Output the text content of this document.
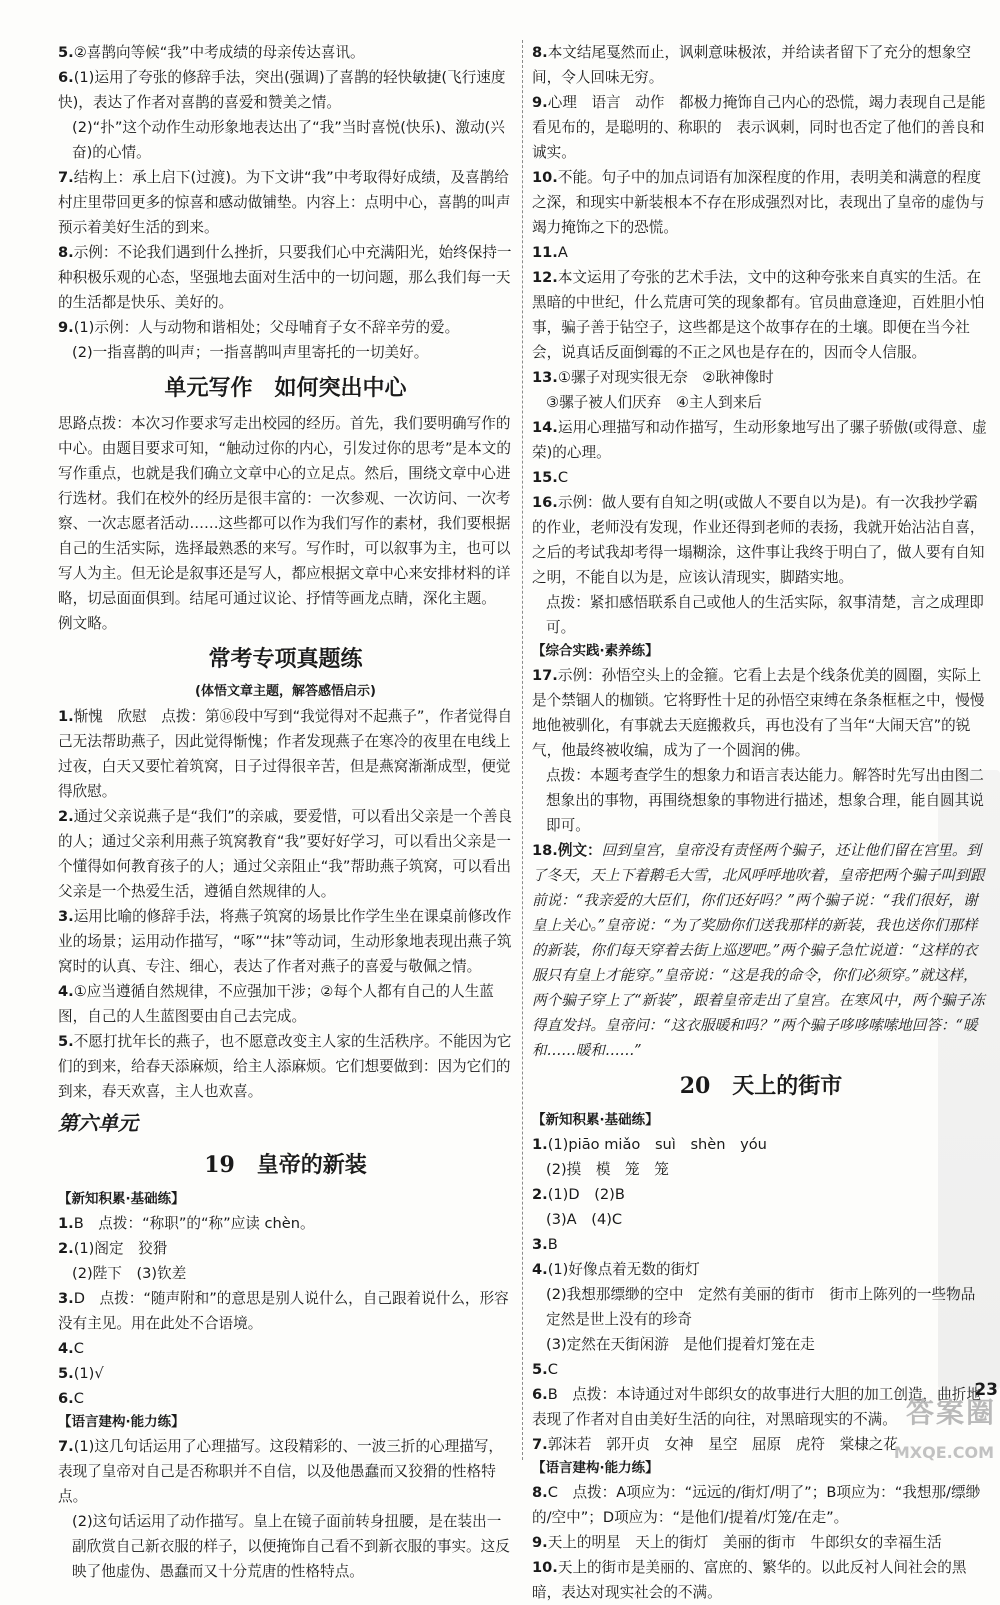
5.②喜鹊向等候“我”中考成绩的母亲传达喜讯。

6.(1)运用了夸张的修辞手法，突出(强调)了喜鹊的轻快敏捷(飞行速度快)，表达了作者对喜鹊的喜爱和赞美之情。

(2)“扑”这个动作生动形象地表达出了“我”当时喜悦(快乐)、激动(兴奋)的心情。

7.结构上：承上启下(过渡)。为下文讲“我”中考取得好成绩，及喜鹊给村庄里带回更多的惊喜和感动做铺垫。内容上：点明中心，喜鹊的叫声预示着美好生活的到来。

8.示例：不论我们遇到什么挫折，只要我们心中充满阳光，始终保持一种积极乐观的心态，坚强地去面对生活中的一切问题，那么我们每一天的生活都是快乐、美好的。

9.(1)示例：人与动物和谐相处；父母哺育子女不辞辛劳的爱。

(2)一指喜鹊的叫声；一指喜鹊叫声里寄托的一切美好。

单元写作　如何突出中心

思路点拨：本次习作要求写走出校园的经历。首先，我们要明确写作的中心。由题目要求可知，“触动过你的内心，引发过你的思考”是本文的写作重点，也就是我们确立文章中心的立足点。然后，围绕文章中心进行选材。我们在校外的经历是很丰富的：一次参观、一次访问、一次考察、一次志愿者活动……这些都可以作为我们写作的素材，我们要根据自己的生活实际，选择最熟悉的来写。写作时，可以叙事为主，也可以写人为主。但无论是叙事还是写人，都应根据文章中心来安排材料的详略，切忌面面俱到。结尾可通过议论、抒情等画龙点睛，深化主题。　例文略。

常考专项真题练

(体悟文章主题，解答感悟启示)

1.惭愧　欣慰　点拨：第⑯段中写到“我觉得对不起燕子”，作者觉得自己无法帮助燕子，因此觉得惭愧；作者发现燕子在寒冷的夜里在电线上过夜，白天又要忙着筑窝，日子过得很辛苦，但是燕窝渐渐成型，便觉得欣慰。

2.通过父亲说燕子是“我们”的亲戚，要爱惜，可以看出父亲是一个善良的人；通过父亲利用燕子筑窝教育“我”要好好学习，可以看出父亲是一个懂得如何教育孩子的人；通过父亲阻止“我”帮助燕子筑窝，可以看出父亲是一个热爱生活，遵循自然规律的人。

3.运用比喻的修辞手法，将燕子筑窝的场景比作学生坐在课桌前修改作业的场景；运用动作描写，“啄”“抹”等动词，生动形象地表现出燕子筑窝时的认真、专注、细心，表达了作者对燕子的喜爱与敬佩之情。

4.①应当遵循自然规律，不应强加干涉；②每个人都有自己的人生蓝图，自己的人生蓝图要由自己去完成。

5.不愿打扰年长的燕子，也不愿意改变主人家的生活秩序。不能因为它们的到来，给春天添麻烦，给主人添麻烦。它们想要做到：因为它们的到来，春天欢喜，主人也欢喜。

第六单元

19　皇帝的新装

【新知积累·基础练】

1.B　点拨：“称职”的“称”应读 chèn。

2.(1)阁定　狡猾

(2)陛下　(3)钦差

3.D　点拨：“随声附和”的意思是别人说什么，自己跟着说什么，形容没有主见。用在此处不合语境。

4.C

5.(1)√

6.C

【语言建构·能力练】

7.(1)这几句话运用了心理描写。这段精彩的、一波三折的心理描写，表现了皇帝对自己是否称职并不自信，以及他愚蠢而又狡猾的性格特点。

(2)这句话运用了动作描写。皇上在镜子面前转身扭腰，是在装出一副欣赏自己新衣服的样子，以便掩饰自己看不到新衣服的事实。这反映了他虚伪、愚蠢而又十分荒唐的性格特点。

8.本文结尾戛然而止，讽刺意味极浓，并给读者留下了充分的想象空间，令人回味无穷。

9.心理　语言　动作　都极力掩饰自己内心的恐慌，竭力表现自己是能看见布的，是聪明的、称职的　表示讽刺，同时也否定了他们的善良和诚实。

10.不能。句子中的加点词语有加深程度的作用，表明美和满意的程度之深，和现实中新装根本不存在形成强烈对比，表现出了皇帝的虚伪与竭力掩饰之下的恐慌。

11.A

12.本文运用了夸张的艺术手法，文中的这种夸张来自真实的生活。在黑暗的中世纪，什么荒唐可笑的现象都有。官员曲意逢迎，百姓胆小怕事，骗子善于钻空子，这些都是这个故事存在的土壤。即便在当今社会，说真话反面倒霉的不正之风也是存在的，因而令人信服。

13.①骡子对现实很无奈　②耿神像时

③骡子被人们厌弃　④主人到来后

14.运用心理描写和动作描写，生动形象地写出了骡子骄傲(或得意、虚荣)的心理。

15.C

16.示例：做人要有自知之明(或做人不要自以为是)。有一次我抄学霸的作业，老师没有发现，作业还得到老师的表扬，我就开始沾沾自喜，之后的考试我却考得一塌糊涂，这件事让我终于明白了，做人要有自知之明，不能自以为是，应该认清现实，脚踏实地。

点拨：紧扣感悟联系自己或他人的生活实际，叙事清楚，言之成理即可。

【综合实践·素养练】

17.示例：孙悟空头上的金箍。它看上去是个线条优美的圆圈，实际上是个禁锢人的枷锁。它将野性十足的孙悟空束缚在条条框框之中，慢慢地他被驯化，有事就去天庭搬救兵，再也没有了当年“大闹天宫”的锐气，他最终被收编，成为了一个圆润的佛。

点拨：本题考查学生的想象力和语言表达能力。解答时先写出由图二想象出的事物，再围绕想象的事物进行描述，想象合理，能自圆其说即可。

18.例文：回到皇宫，皇帝没有责怪两个骗子，还让他们留在宫里。到了冬天，天上下着鹅毛大雪，北风呼呼地吹着，皇帝把两个骗子叫到跟前说：“我亲爱的大臣们，你们还好吗？”两个骗子说：“我们很好，谢皇上关心。”皇帝说：“为了奖励你们送我那样的新装，我也送你们那样的新装，你们每天穿着去街上巡逻吧。”两个骗子急忙说道：“这样的衣服只有皇上才能穿。”皇帝说：“这是我的命令，你们必须穿。”就这样，两个骗子穿上了“新装”，跟着皇帝走出了皇宫。在寒风中，两个骗子冻得直发抖。皇帝问：“这衣服暖和吗？”两个骗子哆哆嗦嗦地回答：“暖和……暖和……”

20　天上的街市

【新知积累·基础练】

1.(1)piāo miǎo　suì　shèn　yóu

(2)摸　模　笼　笼

2.(1)D　(2)B

(3)A　(4)C

3.B

4.(1)好像点着无数的街灯

(2)我想那缥缈的空中　定然有美丽的街市　街市上陈列的一些物品　定然是世上没有的珍奇

(3)定然在天街闲游　是他们提着灯笼在走

5.C

6.B　点拨：本诗通过对牛郎织女的故事进行大胆的加工创造，曲折地表现了作者对自由美好生活的向往，对黑暗现实的不满。

7.郭沫若　郭开贞　女神　星空　屈原　虎符　棠棣之花

【语言建构·能力练】

8.C　点拨：A项应为：“远远的/街灯/明了”；B项应为：“我想那/缥缈的/空中”；D项应为：“是他们/提着/灯笼/在走”。

9.天上的明星　天上的街灯　美丽的街市　牛郎织女的幸福生活

10.天上的街市是美丽的、富庶的、繁华的。以此反衬人间社会的黑暗，表达对现实社会的不满。

23
答案圈
MXQE.COM
